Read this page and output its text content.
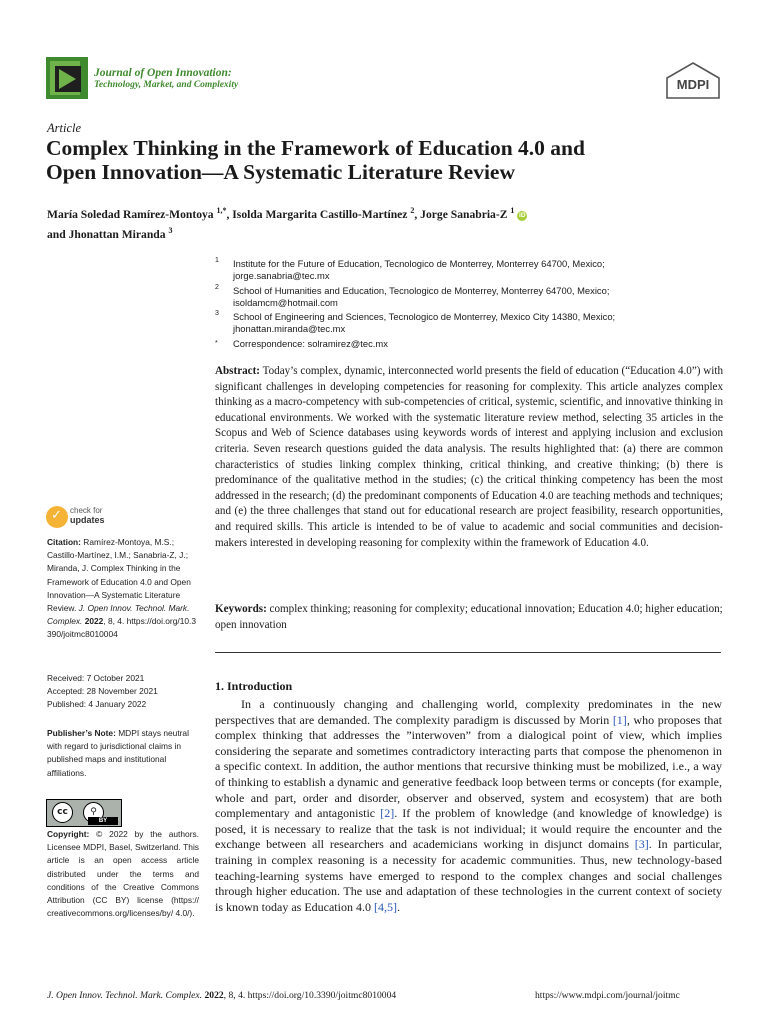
Journal of Open Innovation:
Technology, Market, and Complexity	MDPI
Article
Complex Thinking in the Framework of Education 4.0 and
Open Innovation—A Systematic Literature Review
María Soledad Ramírez-Montoya $^{1,*}$, Isolda Margarita Castillo-Martínez $^2$, Jorge Sanabria-Z $^1$ iD
and Jhonattan Miranda $^3$
1 Institute for the Future of Education, Tecnologico de Monterrey, Monterrey 64700, Mexico;
jorge.sanabria@tec.mx
2 School of Humanities and Education, Tecnologico de Monterrey, Monterrey 64700, Mexico;
isoldamcm@hotmail.com
3 School of Engineering and Sciences, Tecnologico de Monterrey, Mexico City 14380, Mexico;
jhonattan.miranda@tec.mx
* Correspondence: solramirez@tec.mx
Abstract: Today’s complex, dynamic, interconnected world presents the field of education (“Education 4.0”) with significant challenges in developing competencies for reasoning for complexity. This article analyzes complex thinking as a macro-competency with sub-competencies of critical, systemic, scientific, and innovative thinking in educational environments. We worked with the systematic literature review method, selecting 35 articles in the Scopus and Web of Science databases using keywords words of interest and applying inclusion and exclusion criteria. Seven research questions guided the data analysis. The results highlighted that: (a) there are common characteristics of studies linking complex thinking, critical thinking, and creative thinking; (b) there is predominance of the qualitative method in the studies; (c) the critical thinking competency has been the most addressed in the research; (d) the predominant components of Education 4.0 are teaching methods and techniques; and (e) the three challenges that stand out for educational research are project feasibility, research opportunities, and required skills. This article is intended to be of value to academic and social communities and decision-makers interested in developing reasoning for complexity within the framework of Education 4.0.
Keywords: complex thinking; reasoning for complexity; educational innovation; Education 4.0; higher education; open innovation
✓ check for
updates
Citation: Ramírez-Montoya, M.S.; Castillo-Martínez, I.M.; Sanabria-Z, J.; Miranda, J. Complex Thinking in the Framework of Education 4.0 and Open Innovation—A Systematic Literature Review. J. Open Innov. Technol. Mark. Complex. 2022, 8, 4. https://doi.org/10.3390/joitmc8010004
Received: 7 October 2021
Accepted: 28 November 2021
Published: 4 January 2022
Publisher’s Note: MDPI stays neutral with regard to jurisdictional claims in published maps and institutional affiliations.
cc	⚲
BY
Copyright: © 2022 by the authors. Licensee MDPI, Basel, Switzerland. This article is an open access article distributed under the terms and conditions of the Creative Commons Attribution (CC BY) license (https:// creativecommons.org/licenses/by/ 4.0/).
1. Introduction
In a continuously changing and challenging world, complexity predominates in the new perspectives that are demanded. The complexity paradigm is discussed by Morin [1], who proposes that complex thinking that addresses the ”interwoven” from a dialogical point of view, which implies considering the separate and sometimes contradictory interacting parts that compose the phenomenon in a specific context. In addition, the author mentions that recursive thinking must be mobilized, i.e., a way of thinking to establish a dynamic and generative feedback loop between terms or concepts (for example, whole and part, order and disorder, observer and observed, system and ecosystem) that are both complementary and antagonistic [2]. If the problem of knowledge (and knowledge of knowledge) is posed, it is necessary to realize that the task is not individual; it would require the encounter and the exchange between all researchers and academicians working in disjunct domains [3]. In particular, training in complex reasoning is a necessity for academic communities. Thus, new technology-based teaching-learning systems have emerged to respond to the complex changes and social challenges through higher education. The use and adaptation of these technologies in the current context of society is known today as Education 4.0 [4,5].
J. Open Innov. Technol. Mark. Complex. 2022, 8, 4. https://doi.org/10.3390/joitmc8010004	https://www.mdpi.com/journal/joitmc
